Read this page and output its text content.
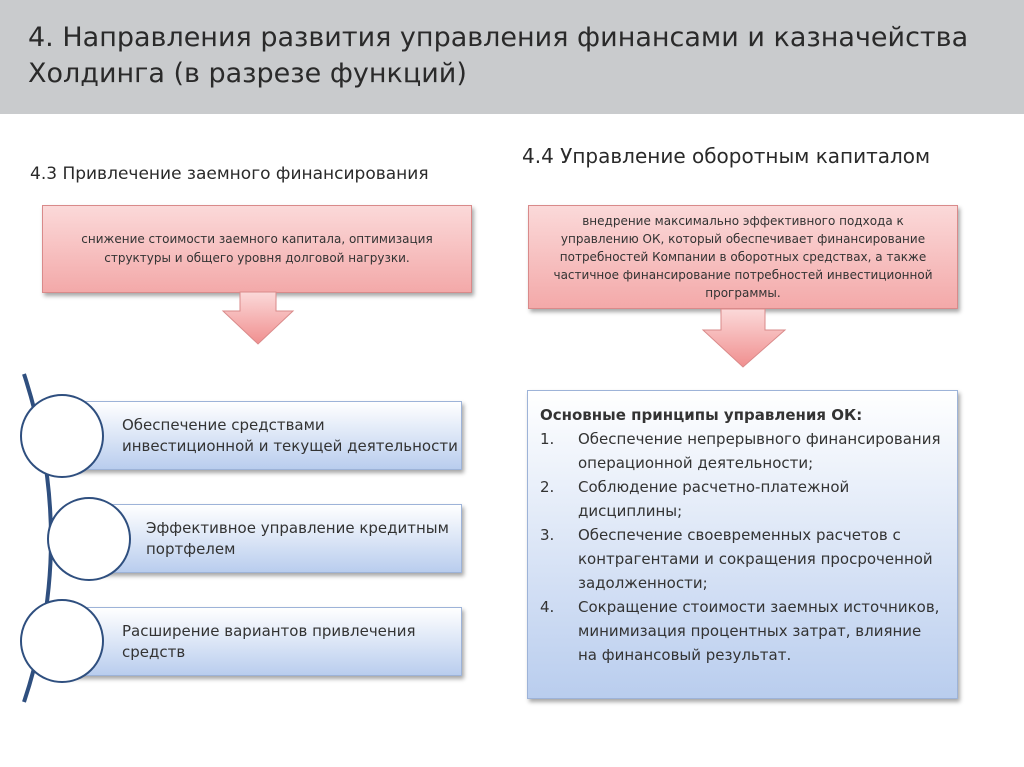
4. Направления развития управления финансами и казначейства Холдинга (в разрезе функций)
4.3 Привлечение заемного финансирования
4.4 Управление оборотным капиталом
снижение стоимости заемного капитала, оптимизация структуры и общего уровня долговой нагрузки.
внедрение максимально эффективного подхода к управлению ОК, который обеспечивает финансирование потребностей Компании в оборотных средствах, а также частичное финансирование потребностей инвестиционной программы.
Обеспечение средствами инвестиционной и текущей деятельности
Эффективное управление кредитным портфелем
Расширение вариантов привлечения средств
Основные принципы управления ОК:
1.	Обеспечение непрерывного финансирования операционной деятельности;
2.	Соблюдение расчетно-платежной дисциплины;
3.	Обеспечение своевременных расчетов с контрагентами и сокращения просроченной задолженности;
4.	Сокращение стоимости заемных источников, минимизация процентных затрат, влияние на финансовый результат.
